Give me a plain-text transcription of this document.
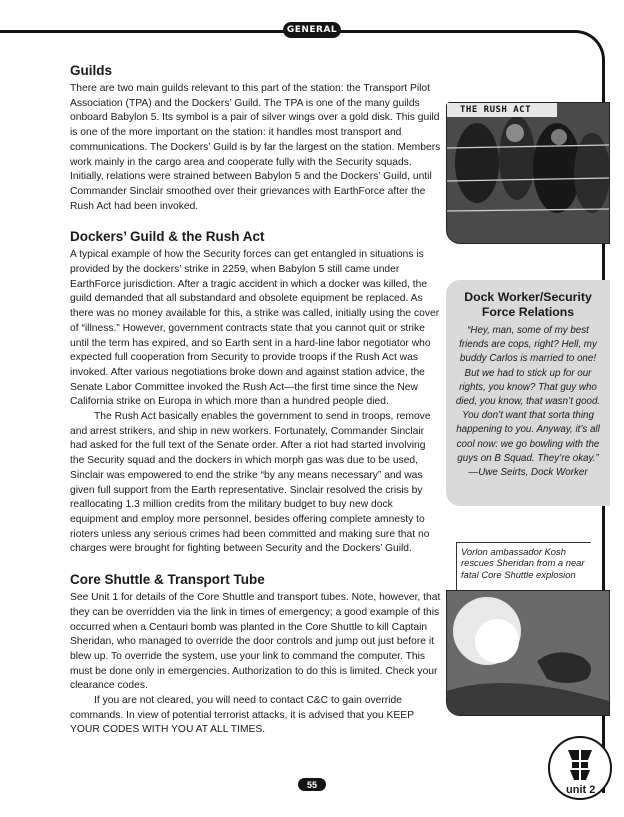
GENERAL
Guilds

There are two main guilds relevant to this part of the station: the Transport Pilot Association (TPA) and the Dockers’ Guild. The TPA is one of the many guilds onboard Babylon 5. Its symbol is a pair of silver wings over a gold disk. This guild is one of the more important on the station: it handles most transport and communications. The Dockers’ Guild is by far the largest on the station. Members work mainly in the cargo area and cooperate fully with the Security squads. Initially, relations were strained between Babylon 5 and the Dockers’ Guild, until Commander Sinclair smoothed over their grievances with EarthForce after the Rush Act had been invoked.

Dockers’ Guild & the Rush Act

A typical example of how the Security forces can get entangled in situations is provided by the dockers’ strike in 2259, when Babylon 5 still came under EarthForce jurisdiction. After a tragic accident in which a docker was killed, the guild demanded that all substandard and obsolete equipment be replaced. As there was no money available for this, a strike was called, initially using the cover of “illness.” However, government contracts state that you cannot quit or strike until the term has expired, and so Earth sent in a hard-line labor negotiator who expected full cooperation from Security to provide troops if the Rush Act was invoked. After various negotiations broke down and against station advice, the Senate Labor Committee invoked the Rush Act—the first time since the New California strike on Europa in which more than a hundred people died.

The Rush Act basically enables the government to send in troops, remove and arrest strikers, and ship in new workers. Fortunately, Commander Sinclair had asked for the full text of the Senate order. After a riot had started involving the Security squad and the dockers in which morph gas was due to be used, Sinclair was empowered to end the strike “by any means necessary” and was given full support from the Earth representative. Sinclair resolved the crisis by reallocating 1.3 million credits from the military budget to buy new dock equipment and employ more personnel, besides offering complete amnesty to rioters unless any serious crimes had been committed and making sure that no charges were brought for fighting between Security and the Dockers’ Guild.

Core Shuttle & Transport Tube

See Unit 1 for details of the Core Shuttle and transport tubes. Note, however, that they can be overridden via the link in times of emergency; a good example of this occurred when a Centauri bomb was planted in the Core Shuttle to kill Captain Sheridan, who managed to override the door controls and jump out just before it blew up. To override the system, use your link to command the computer. This must be done only in emergencies. Authorization to do this is limited. Check your clearance codes.

If you are not cleared, you will need to contact C&C to gain override commands. In view of potential terrorist attacks, it is advised that you KEEP YOUR CODES WITH YOU AT ALL TIMES.

THE RUSH ACT
Dock Worker/Security Force Relations

“Hey, man, some of my best friends are cops, right? Hell, my buddy Carlos is married to one! But we had to stick up for our rights, you know? That guy who died, you know, that wasn’t good. You don’t want that sorta thing happening to you. Anyway, it’s all cool now: we go bowling with the guys on B Squad. They’re okay.”

—Uwe Seirts, Dock Worker

Vorlon ambassador Kosh rescues Sheridan from a near fatal Core Shuttle explosion
55	unit 2
